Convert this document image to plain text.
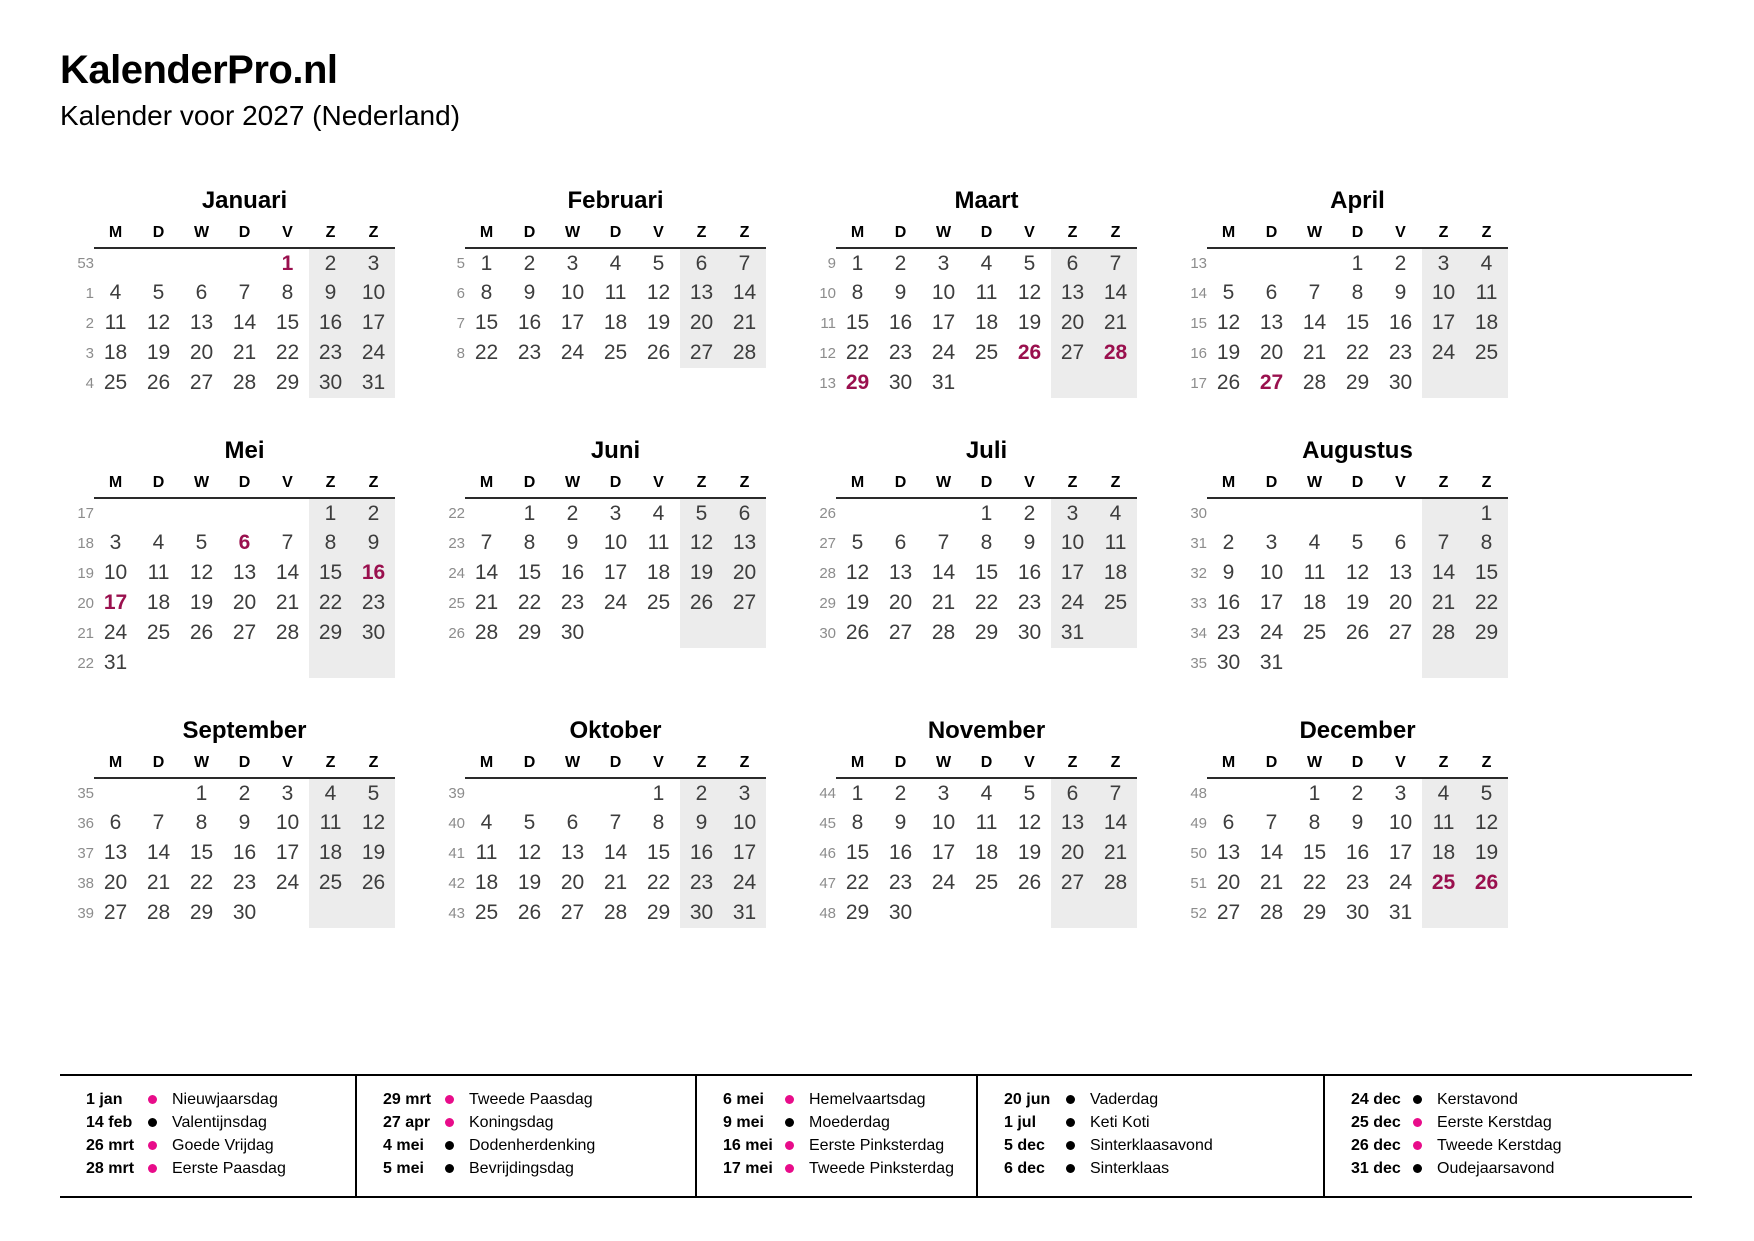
KalenderPro.nl
Kalender voor 2027 (Nederland)
Januari
	M	D	W	D	V	Z	Z
53					1	2	3
1	4	5	6	7	8	9	10
2	11	12	13	14	15	16	17
3	18	19	20	21	22	23	24
4	25	26	27	28	29	30	31
Februari
	M	D	W	D	V	Z	Z
5	1	2	3	4	5	6	7
6	8	9	10	11	12	13	14
7	15	16	17	18	19	20	21
8	22	23	24	25	26	27	28
Maart
	M	D	W	D	V	Z	Z
9	1	2	3	4	5	6	7
10	8	9	10	11	12	13	14
11	15	16	17	18	19	20	21
12	22	23	24	25	26	27	28
13	29	30	31				
April
	M	D	W	D	V	Z	Z
13				1	2	3	4
14	5	6	7	8	9	10	11
15	12	13	14	15	16	17	18
16	19	20	21	22	23	24	25
17	26	27	28	29	30		
Mei
	M	D	W	D	V	Z	Z
17						1	2
18	3	4	5	6	7	8	9
19	10	11	12	13	14	15	16
20	17	18	19	20	21	22	23
21	24	25	26	27	28	29	30
22	31						
Juni
	M	D	W	D	V	Z	Z
22		1	2	3	4	5	6
23	7	8	9	10	11	12	13
24	14	15	16	17	18	19	20
25	21	22	23	24	25	26	27
26	28	29	30				
Juli
	M	D	W	D	V	Z	Z
26				1	2	3	4
27	5	6	7	8	9	10	11
28	12	13	14	15	16	17	18
29	19	20	21	22	23	24	25
30	26	27	28	29	30	31	
Augustus
	M	D	W	D	V	Z	Z
30							1
31	2	3	4	5	6	7	8
32	9	10	11	12	13	14	15
33	16	17	18	19	20	21	22
34	23	24	25	26	27	28	29
35	30	31					
September
	M	D	W	D	V	Z	Z
35			1	2	3	4	5
36	6	7	8	9	10	11	12
37	13	14	15	16	17	18	19
38	20	21	22	23	24	25	26
39	27	28	29	30			
Oktober
	M	D	W	D	V	Z	Z
39					1	2	3
40	4	5	6	7	8	9	10
41	11	12	13	14	15	16	17
42	18	19	20	21	22	23	24
43	25	26	27	28	29	30	31
November
	M	D	W	D	V	Z	Z
44	1	2	3	4	5	6	7
45	8	9	10	11	12	13	14
46	15	16	17	18	19	20	21
47	22	23	24	25	26	27	28
48	29	30					
December
	M	D	W	D	V	Z	Z
48			1	2	3	4	5
49	6	7	8	9	10	11	12
50	13	14	15	16	17	18	19
51	20	21	22	23	24	25	26
52	27	28	29	30	31		
1 jan	Nieuwjaarsdag
14 feb	Valentijnsdag
26 mrt	Goede Vrijdag
28 mrt	Eerste Paasdag
29 mrt	Tweede Paasdag
27 apr	Koningsdag
4 mei	Dodenherdenking
5 mei	Bevrijdingsdag
6 mei	Hemelvaartsdag
9 mei	Moederdag
16 mei	Eerste Pinksterdag
17 mei	Tweede Pinksterdag
20 jun	Vaderdag
1 jul	Keti Koti
5 dec	Sinterklaasavond
6 dec	Sinterklaas
24 dec	Kerstavond
25 dec	Eerste Kerstdag
26 dec	Tweede Kerstdag
31 dec	Oudejaarsavond
